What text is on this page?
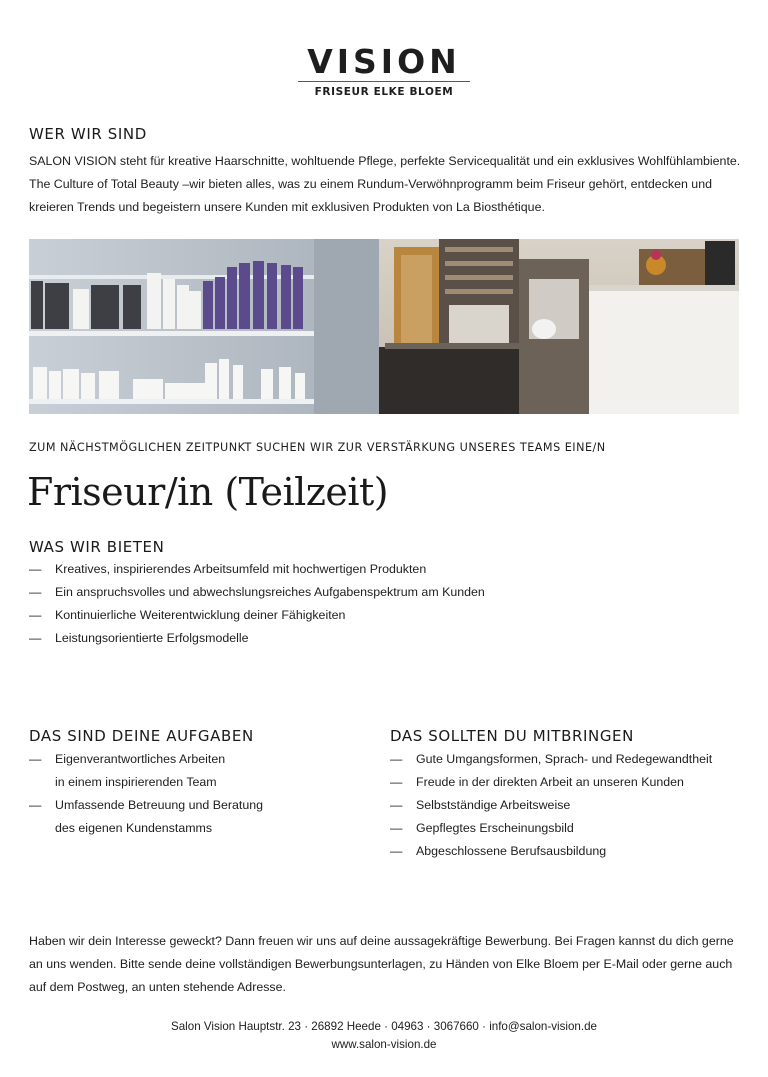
VISION
FRISEUR ELKE BLOEM
WER WIR SIND

SALON VISION steht für kreative Haarschnitte, wohltuende Pflege, perfekte Servicequalität und ein exklusives Wohlfühlambiente. The Culture of Total Beauty –wir bieten alles, was zu einem Rundum-Verwöhnprogramm beim Friseur gehört, entdecken und kreieren Trends und begeistern unsere Kunden mit exklusiven Produkten von La Biosthétique.

ZUM NÄCHSTMÖGLICHEN ZEITPUNKT SUCHEN WIR ZUR VERSTÄRKUNG UNSERES TEAMS EINE/N
Friseur/in (Teilzeit)
WAS WIR BIETEN
— Kreatives, inspirierendes Arbeitsumfeld mit hochwertigen Produkten
— Ein anspruchsvolles und abwechslungsreiches Aufgabenspektrum am Kunden
— Kontinuierliche Weiterentwicklung deiner Fähigkeiten
— Leistungsorientierte Erfolgsmodelle
DAS SIND DEINE AUFGABEN
— Eigenverantwortliches Arbeiten
in einem inspirierenden Team
— Umfassende Betreuung und Beratung
des eigenen Kundenstamms
DAS SOLLTEN DU MITBRINGEN
— Gute Umgangsformen, Sprach- und Redegewandtheit
— Freude in der direkten Arbeit an unseren Kunden
— Selbstständige Arbeitsweise
— Gepflegtes Erscheinungsbild
— Abgeschlossene Berufsausbildung

Haben wir dein Interesse geweckt? Dann freuen wir uns auf deine aussagekräftige Bewerbung. Bei Fragen kannst du dich gerne an uns wenden. Bitte sende deine vollständigen Bewerbungsunterlagen, zu Händen von Elke Bloem per E-Mail oder gerne auch auf dem Postweg, an unten stehende Adresse.

Salon Vision Hauptstr. 23 · 26892 Heede · 04963 · 3067660 · info@salon-vision.de
www.salon-vision.de
